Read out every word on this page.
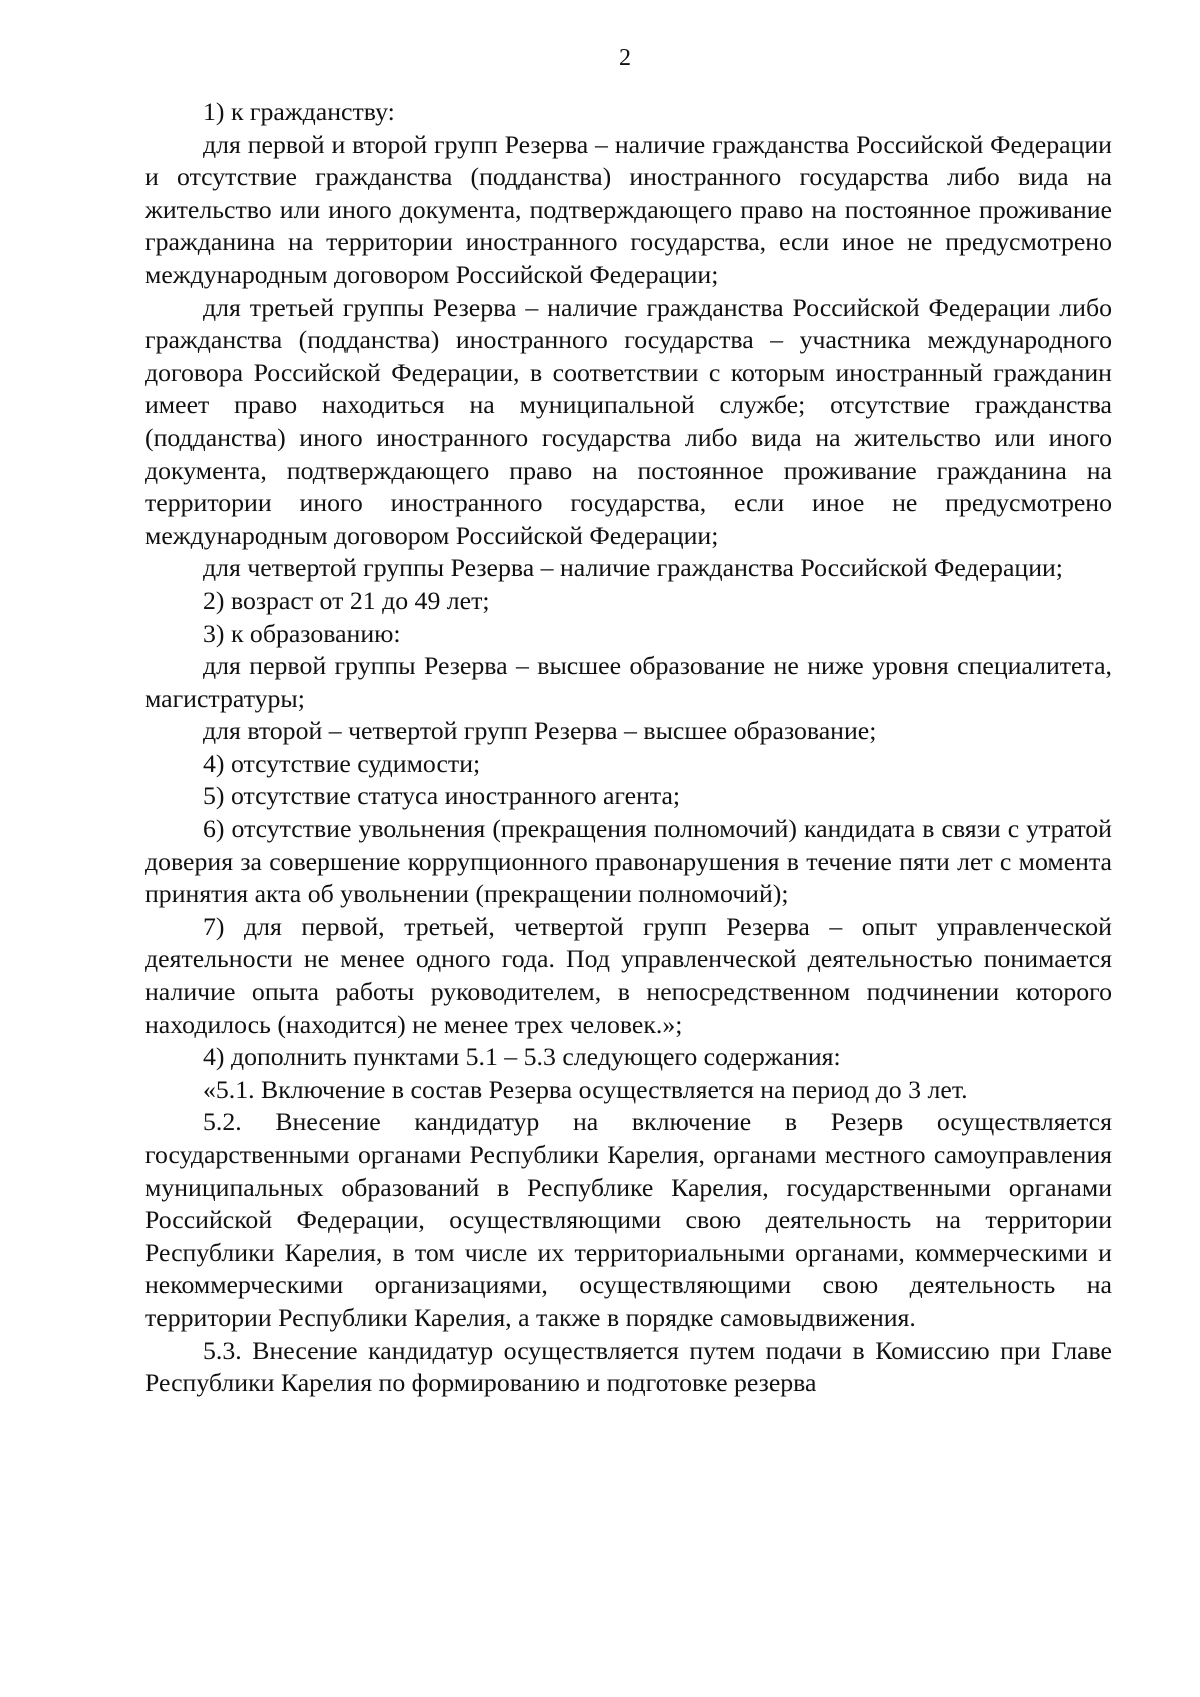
2

1) к гражданству:

для первой и второй групп Резерва – наличие гражданства Российской Федерации и отсутствие гражданства (подданства) иностранного государства либо вида на жительство или иного документа, подтверждающего право на постоянное проживание гражданина на территории иностранного государства, если иное не предусмотрено международным договором Российской Федерации;

для третьей группы Резерва – наличие гражданства Российской Федерации либо гражданства (подданства) иностранного государства – участника международного договора Российской Федерации, в соответствии с которым иностранный гражданин имеет право находиться на муниципальной службе; отсутствие гражданства (подданства) иного иностранного государства либо вида на жительство или иного документа, подтверждающего право на постоянное проживание гражданина на территории иного иностранного государства, если иное не предусмотрено международным договором Российской Федерации;

для четвертой группы Резерва – наличие гражданства Российской Федерации;

2) возраст от 21 до 49 лет;

3) к образованию:

для первой группы Резерва – высшее образование не ниже уровня специалитета, магистратуры;

для второй – четвертой групп Резерва – высшее образование;

4) отсутствие судимости;

5) отсутствие статуса иностранного агента;

6) отсутствие увольнения (прекращения полномочий) кандидата в связи с утратой доверия за совершение коррупционного правонарушения в течение пяти лет с момента принятия акта об увольнении (прекращении полномочий);

7) для первой, третьей, четвертой групп Резерва – опыт управленческой деятельности не менее одного года. Под управленческой деятельностью понимается наличие опыта работы руководителем, в непосредственном подчинении которого находилось (находится) не менее трех человек.»;

4) дополнить пунктами 5.1 – 5.3 следующего содержания:

«5.1. Включение в состав Резерва осуществляется на период до 3 лет.

5.2. Внесение кандидатур на включение в Резерв осуществляется государственными органами Республики Карелия, органами местного самоуправления муниципальных образований в Республике Карелия, государственными органами Российской Федерации, осуществляющими свою деятельность на территории Республики Карелия, в том числе их территориальными органами, коммерческими и некоммерческими организациями, осуществляющими свою деятельность на территории Республики Карелия, а также в порядке самовыдвижения.

5.3. Внесение кандидатур осуществляется путем подачи в Комиссию при Главе Республики Карелия по формированию и подготовке резерва
